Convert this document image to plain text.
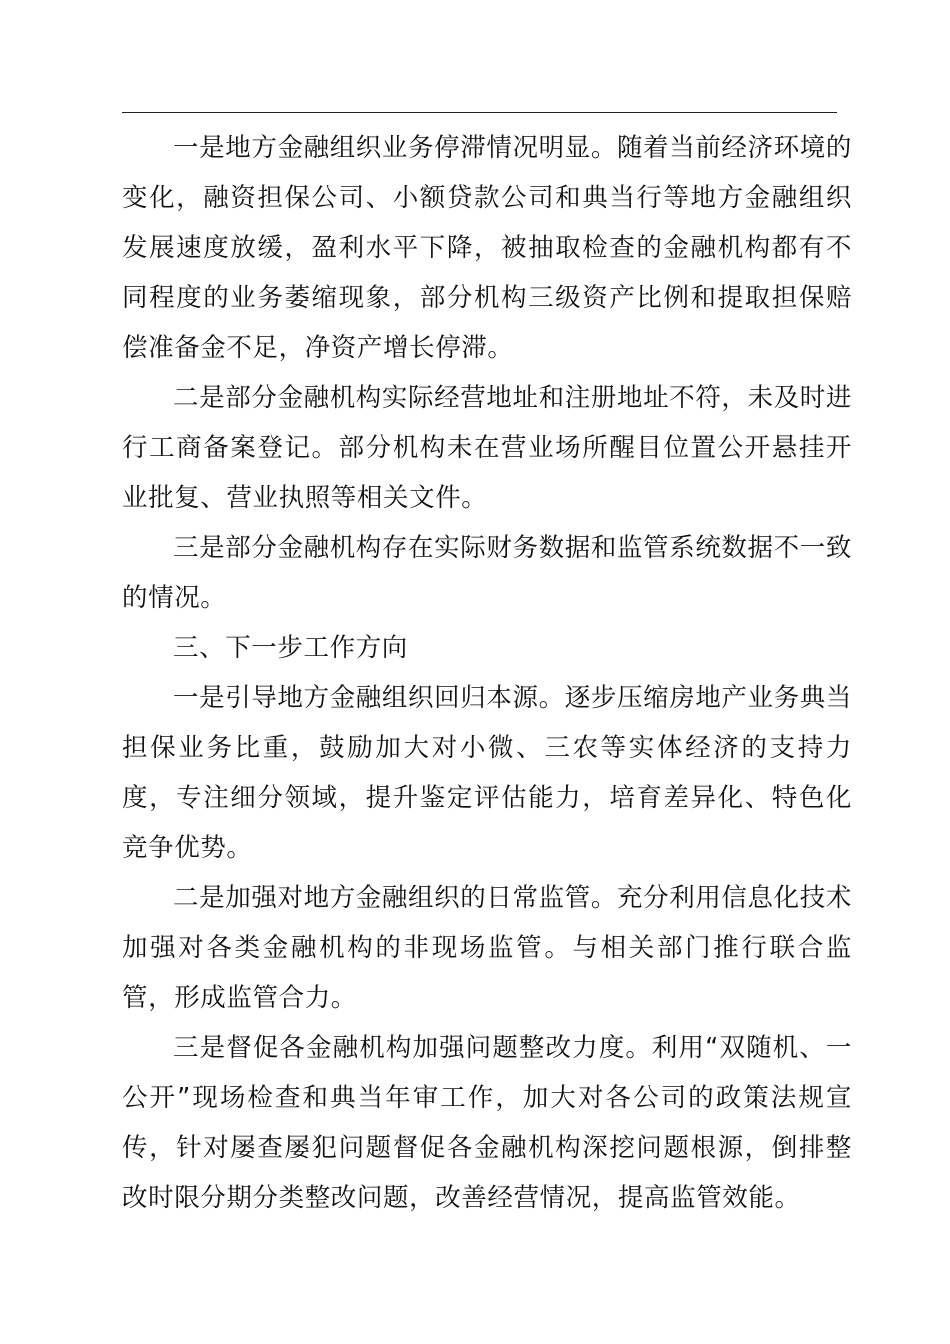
一是地方金融组织业务停滞情况明显。随着当前经济环境的变化，融资担保公司、小额贷款公司和典当行等地方金融组织发展速度放缓，盈利水平下降，被抽取检查的金融机构都有不同程度的业务萎缩现象，部分机构三级资产比例和提取担保赔偿准备金不足，净资产增长停滞。

二是部分金融机构实际经营地址和注册地址不符，未及时进行工商备案登记。部分机构未在营业场所醒目位置公开悬挂开业批复、营业执照等相关文件。

三是部分金融机构存在实际财务数据和监管系统数据不一致的情况。

三、下一步工作方向

一是引导地方金融组织回归本源。逐步压缩房地产业务典当担保业务比重，鼓励加大对小微、三农等实体经济的支持力度，专注细分领域，提升鉴定评估能力，培育差异化、特色化竞争优势。

二是加强对地方金融组织的日常监管。充分利用信息化技术加强对各类金融机构的非现场监管。与相关部门推行联合监管，形成监管合力。

三是督促各金融机构加强问题整改力度。利用“双随机、一公开”现场检查和典当年审工作，加大对各公司的政策法规宣传，针对屡查屡犯问题督促各金融机构深挖问题根源，倒排整改时限分期分类整改问题，改善经营情况，提高监管效能。
